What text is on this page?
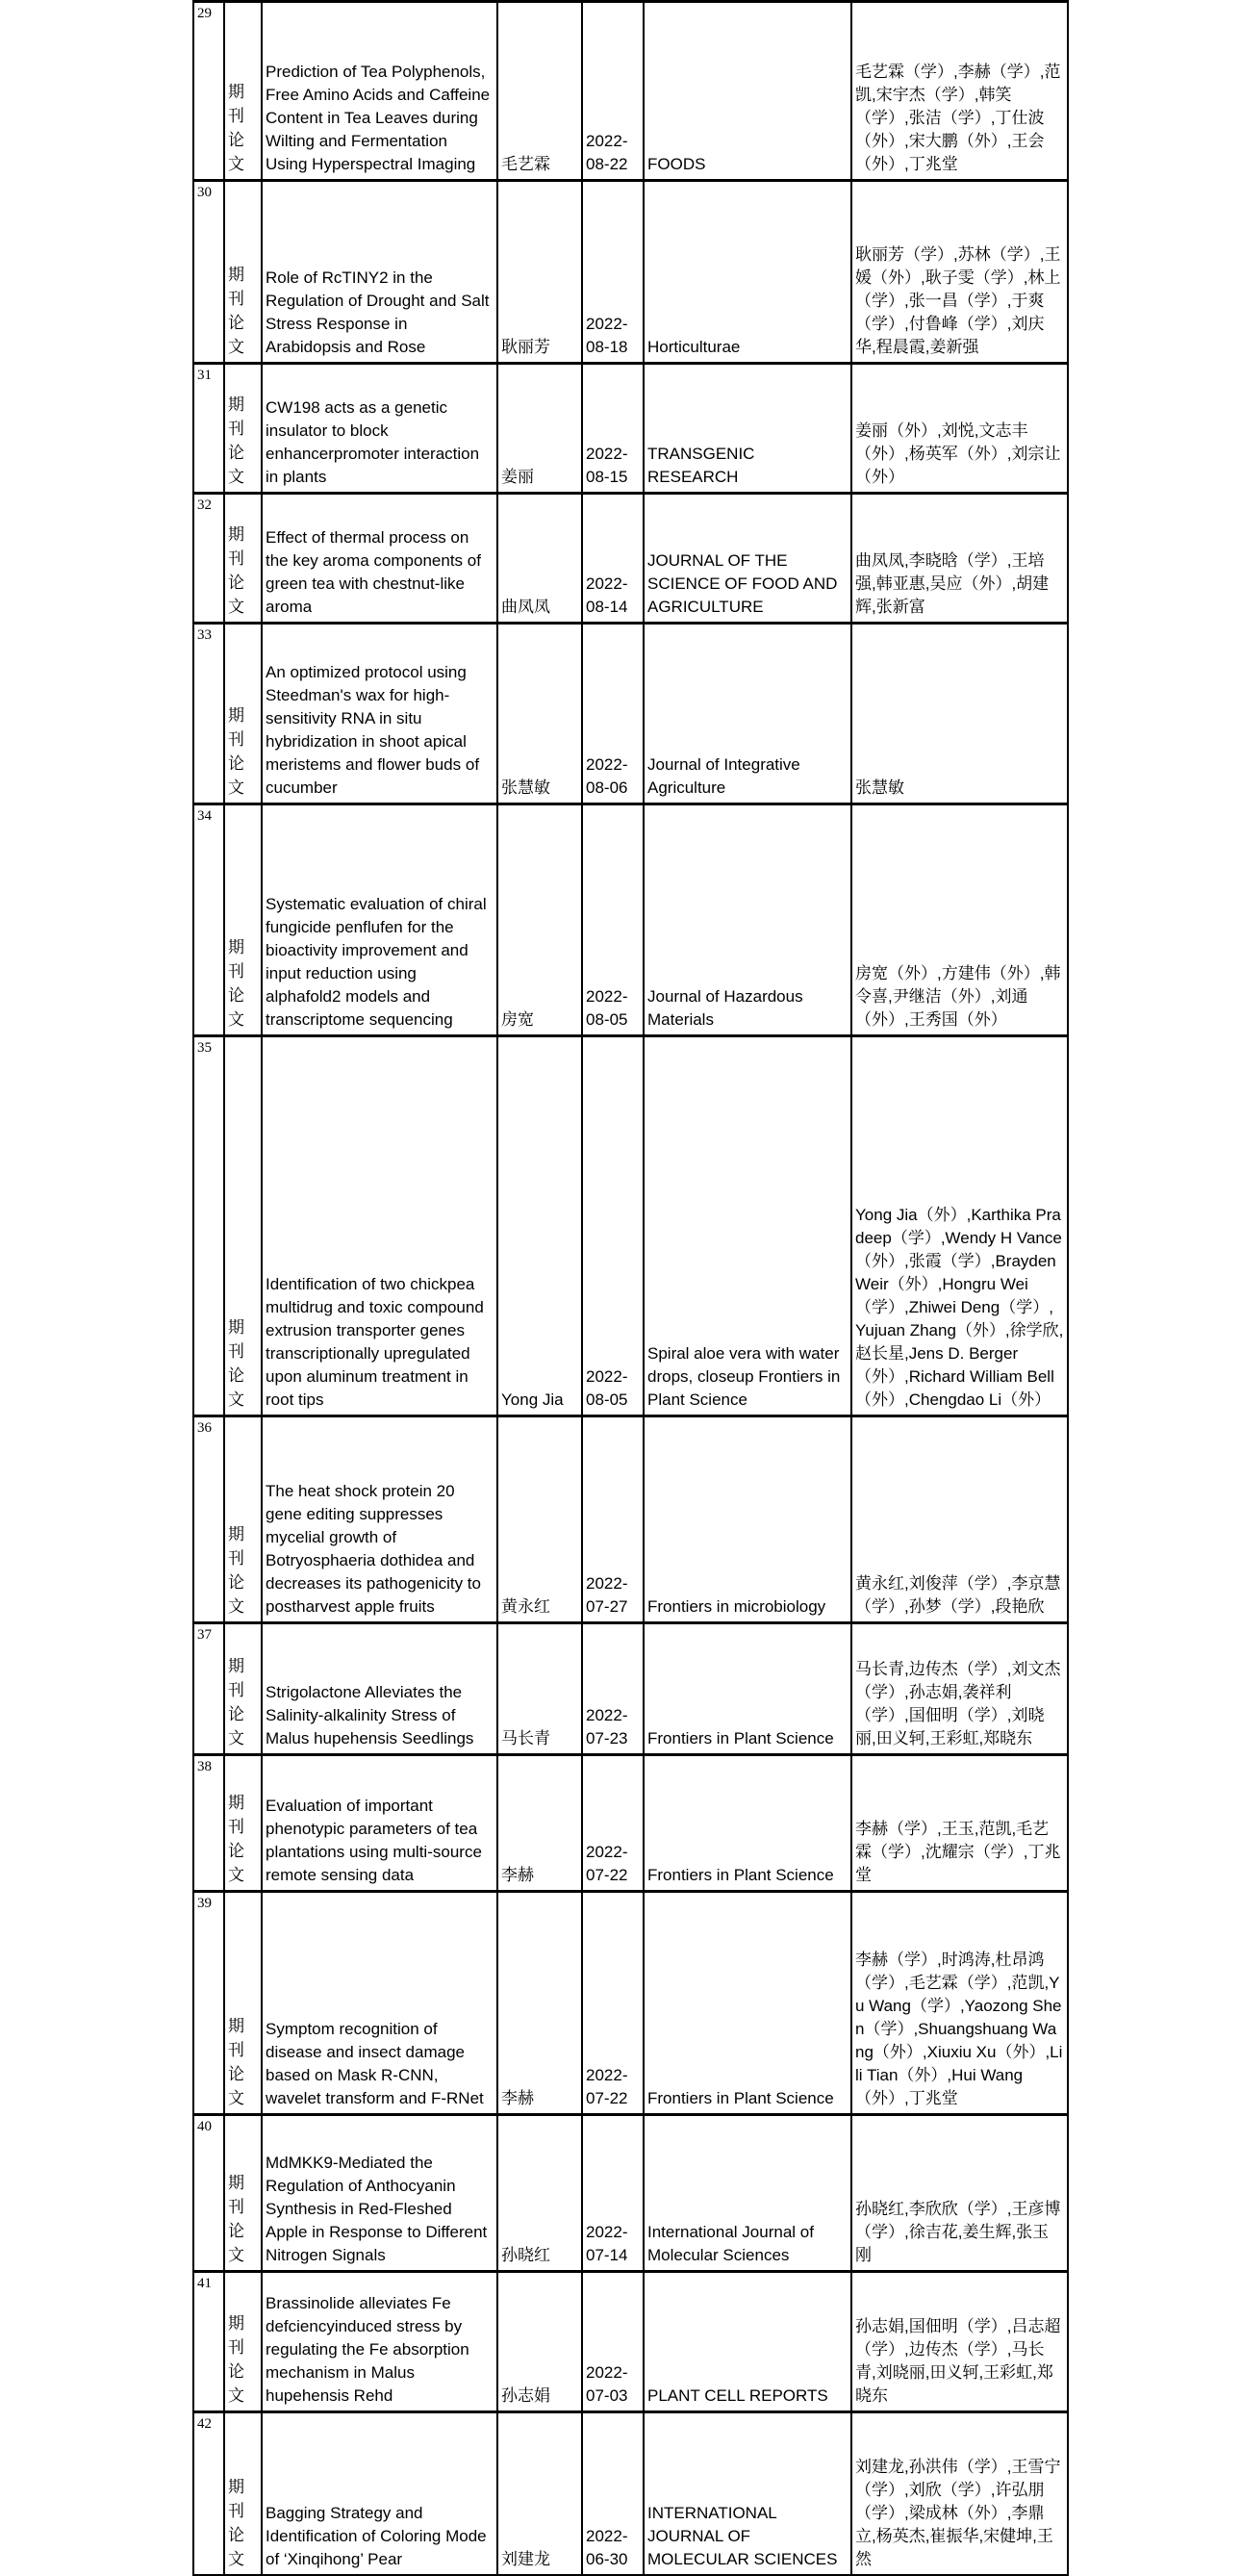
29	期刊论文	Prediction of Tea Polyphenols, Free Amino Acids and Caffeine Content in Tea Leaves during Wilting and Fermentation Using Hyperspectral Imaging	毛艺霖	2022-08-22	FOODS	毛艺霖（学）,李赫（学）,范凯,宋宇杰（学）,韩笑（学）,张洁（学）,丁仕波（外）,宋大鹏（外）,王会（外）,丁兆堂

30	期刊论文	Role of RcTINY2 in the Regulation of Drought and Salt Stress Response in Arabidopsis and Rose	耿丽芳	2022-08-18	Horticulturae	耿丽芳（学）,苏林（学）,王媛（外）,耿子雯（学）,林上（学）,张一昌（学）,于爽（学）,付鲁峰（学）,刘庆华,程晨霞,姜新强

31	期刊论文	CW198 acts as a genetic insulator to block enhancerpromoter interaction in plants	姜丽	2022-08-15	TRANSGENIC RESEARCH	姜丽（外）,刘悦,文志丰（外）,杨英军（外）,刘宗让（外）

32	期刊论文	Effect of thermal process on the key aroma components of green tea with chestnut-like aroma	曲凤凤	2022-08-14	JOURNAL OF THE SCIENCE OF FOOD AND AGRICULTURE	曲凤凤,李晓晗（学）,王培强,韩亚惠,吴应（外）,胡建辉,张新富

33	期刊论文	An optimized protocol using Steedman's wax for high-sensitivity RNA in situ hybridization in shoot apical meristems and flower buds of cucumber	张慧敏	2022-08-06	Journal of Integrative Agriculture	张慧敏

34	期刊论文	Systematic evaluation of chiral fungicide penflufen for the bioactivity improvement and input reduction using alphafold2 models and transcriptome sequencing	房宽	2022-08-05	Journal of Hazardous Materials	房宽（外）,方建伟（外）,韩令喜,尹继洁（外）,刘通（外）,王秀国（外）

35	期刊论文	Identification of two chickpea multidrug and toxic compound extrusion transporter genes transcriptionally upregulated upon aluminum treatment in root tips	Yong Jia	2022-08-05	Spiral aloe vera with water drops, closeup Frontiers in Plant Science	Yong Jia（外）,Karthika Pradeep（学）,Wendy H Vance（外）,张霞（学）,Brayden Weir（外）,Hongru Wei（学）,Zhiwei Deng（学）,Yujuan Zhang（外）,徐学欣,赵长星,Jens D. Berger（外）,Richard William Bell（外）,Chengdao Li（外）

36	期刊论文	The heat shock protein 20 gene editing suppresses mycelial growth of Botryosphaeria dothidea and decreases its pathogenicity to postharvest apple fruits	黄永红	2022-07-27	Frontiers in microbiology	黄永红,刘俊萍（学）,李京慧（学）,孙梦（学）,段艳欣

37	期刊论文	Strigolactone Alleviates the Salinity-alkalinity Stress of Malus hupehensis Seedlings	马长青	2022-07-23	Frontiers in Plant Science	马长青,边传杰（学）,刘文杰（学）,孙志娟,袭祥利（学）,国佃明（学）,刘晓丽,田义轲,王彩虹,郑晓东

38	期刊论文	Evaluation of important phenotypic parameters of tea plantations using multi-source remote sensing data	李赫	2022-07-22	Frontiers in Plant Science	李赫（学）,王玉,范凯,毛艺霖（学）,沈耀宗（学）,丁兆堂

39	期刊论文	Symptom recognition of disease and insect damage based on Mask R-CNN, wavelet transform and F-RNet	李赫	2022-07-22	Frontiers in Plant Science	李赫（学）,时鸿涛,杜昂鸿（学）,毛艺霖（学）,范凯,Yu Wang（学）,Yaozong Shen（学）,Shuangshuang Wang（外）,Xiuxiu Xu（外）,Lili Tian（外）,Hui Wang（外）,丁兆堂

40	期刊论文	MdMKK9-Mediated the Regulation of Anthocyanin Synthesis in Red-Fleshed Apple in Response to Different Nitrogen Signals	孙晓红	2022-07-14	International Journal of Molecular Sciences	孙晓红,李欣欣（学）,王彦博（学）,徐吉花,姜生辉,张玉刚

41	期刊论文	Brassinolide alleviates Fe defciencyinduced stress by regulating the Fe absorption mechanism in Malus hupehensis Rehd	孙志娟	2022-07-03	PLANT CELL REPORTS	孙志娟,国佃明（学）,吕志超（学）,边传杰（学）,马长青,刘晓丽,田义轲,王彩虹,郑晓东

42	期刊论文	Bagging Strategy and Identification of Coloring Mode of ‘Xinqihong’ Pear	刘建龙	2022-06-30	INTERNATIONAL JOURNAL OF MOLECULAR SCIENCES	刘建龙,孙洪伟（学）,王雪宁（学）,刘欣（学）,许弘朋（学）,梁成林（外）,李鼎立,杨英杰,崔振华,宋健坤,王然
